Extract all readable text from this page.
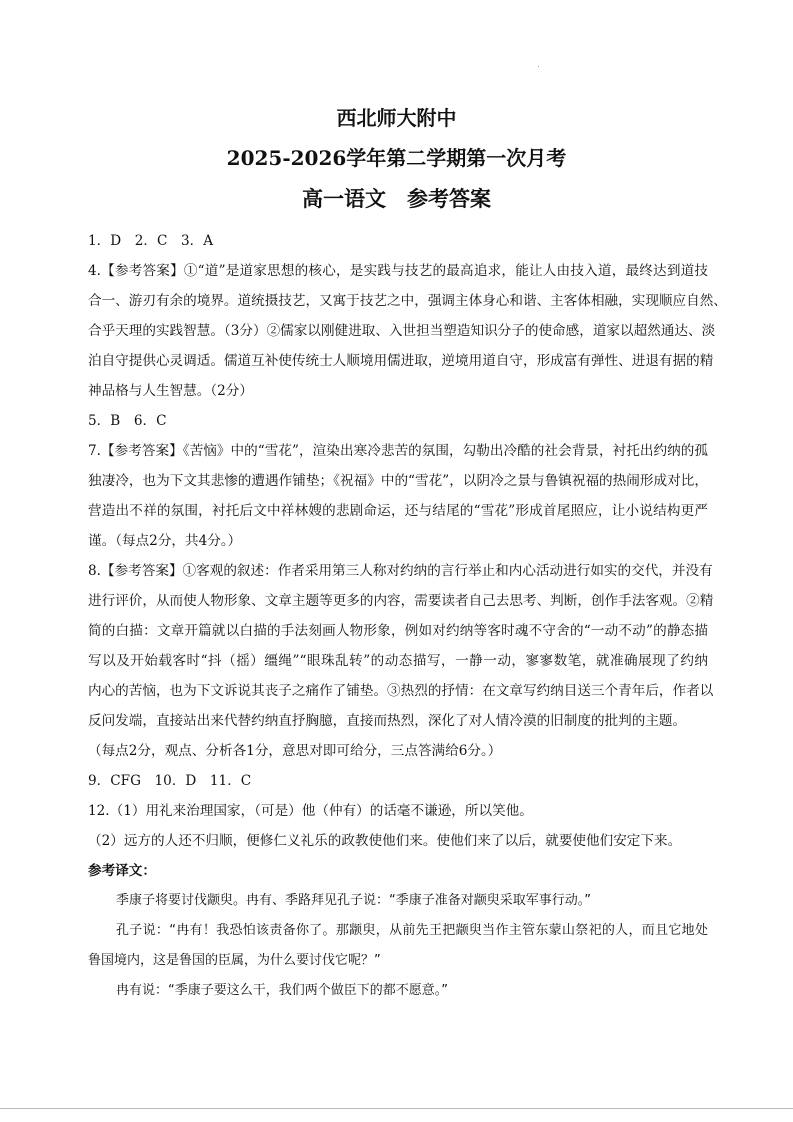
西北师大附中
2025-2026学年第二学期第一次月考
高一语文　参考答案
1．D　2．C　3．A
4.【参考答案】①“道”是道家思想的核心，是实践与技艺的最高追求，能让人由技入道，最终达到道技
合一、游刃有余的境界。道统摄技艺，又寓于技艺之中，强调主体身心和谐、主客体相融，实现顺应自然、
合乎天理的实践智慧。（3分）②儒家以刚健进取、入世担当塑造知识分子的使命感，道家以超然通达、淡
泊自守提供心灵调适。儒道互补使传统士人顺境用儒进取，逆境用道自守，形成富有弹性、进退有据的精
神品格与人生智慧。（2分）
5．B　6．C
7.【参考答案】《苦恼》中的“雪花”，渲染出寒冷悲苦的氛围，勾勒出冷酷的社会背景，衬托出约纳的孤
独凄冷，也为下文其悲惨的遭遇作铺垫；《祝福》中的“雪花”，以阴冷之景与鲁镇祝福的热闹形成对比，
营造出不祥的氛围，衬托后文中祥林嫂的悲剧命运，还与结尾的“雪花”形成首尾照应，让小说结构更严
谨。（每点2分，共4分。）
8.【参考答案】①客观的叙述：作者采用第三人称对约纳的言行举止和内心活动进行如实的交代，并没有
进行评价，从而使人物形象、文章主题等更多的内容，需要读者自己去思考、判断，创作手法客观。②精
简的白描：文章开篇就以白描的手法刻画人物形象，例如对约纳等客时魂不守舍的“一动不动”的静态描
写以及开始载客时“抖（摇）缰绳”“眼珠乱转”的动态描写，一静一动，寥寥数笔，就准确展现了约纳
内心的苦恼，也为下文诉说其丧子之痛作了铺垫。③热烈的抒情：在文章写约纳目送三个青年后，作者以
反问发端，直接站出来代替约纳直抒胸臆，直接而热烈，深化了对人情冷漠的旧制度的批判的主题。
（每点2分，观点、分析各1分，意思对即可给分，三点答满给6分。）
9．CFG　10．D　11．C
12.（1）用礼来治理国家，（可是）他（仲有）的话毫不谦逊，所以笑他。
（2）远方的人还不归顺，便修仁义礼乐的政教使他们来。使他们来了以后，就要使他们安定下来。
参考译文：
季康子将要讨伐颛臾。冉有、季路拜见孔子说：“季康子准备对颛臾采取军事行动。”
孔子说：“冉有！我恐怕该责备你了。那颛臾，从前先王把颛臾当作主管东蒙山祭祀的人，而且它地处
鲁国境内，这是鲁国的臣属，为什么要讨伐它呢？”
冉有说：“季康子要这么干，我们两个做臣下的都不愿意。”
